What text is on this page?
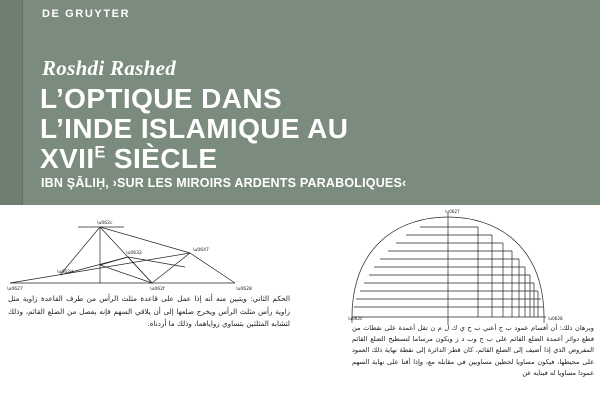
DE GRUYTER
Roshdi Rashed
L’OPTIQUE DANS
L’INDE ISLAMIQUE AU
$XVII^E$ SIÈCLE
IBN ŞĀLIḤ, ›SUR LES MIROIRS ARDENTS PARABOLIQUES‹
\u0627
\u062c
\u062f
\u0647
\u0628
\u0632
\u062d
الحكم الثاني: ويتبين منه أنه إذا عمل على قاعدة مثلث الرأس من طرف القاعدة زاوية مثل زاوية رأس مثلث الرأس ويخرج ضلعها إلى أن يلاقي السهم فإنه يفصل من الضلع القائم، وذلك لتشابه المثلثين بتساوي زواياهما، وذلك ما أردناه.
\u0627
\u0628
\u062c
وبرهان ذلك: أن أقسام عمود ب ج أعني ب ح ي ك ل م ن تقل أعمدة على نقطات من قطع دوائر أعمدة الضلع القائم على ب ج وب د ز ويكون مرساما لتسطيح الضلع القائم المفروض الذي إذا أضيف إلى الضلع القائم، كان قطر الدائرة إلى نقطة نهاية ذلك العمود على محيطها، فيكون مساويا لخطين مساويين في مقابله مع، وإذا أقنا على نهاية السهم عمودا مساويا له فينايه عن
